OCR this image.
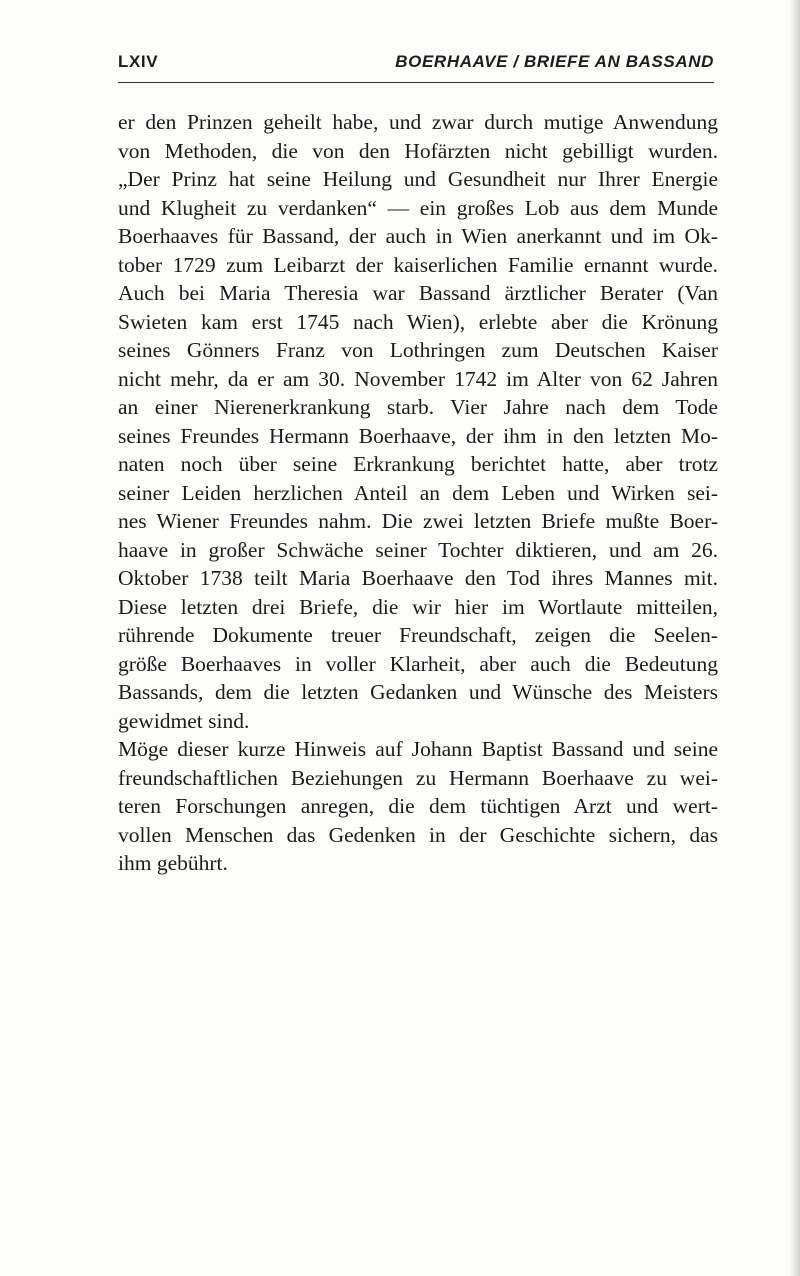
LXIV	BOERHAAVE / BRIEFE AN BASSAND
er den Prinzen geheilt habe, und zwar durch mutige Anwendung
von Methoden, die von den Hofärzten nicht gebilligt wurden.
„Der Prinz hat seine Heilung und Gesundheit nur Ihrer Energie
und Klugheit zu verdanken“ — ein großes Lob aus dem Munde
Boerhaaves für Bassand, der auch in Wien anerkannt und im Ok-
tober 1729 zum Leibarzt der kaiserlichen Familie ernannt wurde.
Auch bei Maria Theresia war Bassand ärztlicher Berater (Van
Swieten kam erst 1745 nach Wien), erlebte aber die Krönung
seines Gönners Franz von Lothringen zum Deutschen Kaiser
nicht mehr, da er am 30. November 1742 im Alter von 62 Jahren
an einer Nierenerkrankung starb. Vier Jahre nach dem Tode
seines Freundes Hermann Boerhaave, der ihm in den letzten Mo-
naten noch über seine Erkrankung berichtet hatte, aber trotz
seiner Leiden herzlichen Anteil an dem Leben und Wirken sei-
nes Wiener Freundes nahm. Die zwei letzten Briefe mußte Boer-
haave in großer Schwäche seiner Tochter diktieren, und am 26.
Oktober 1738 teilt Maria Boerhaave den Tod ihres Mannes mit.
Diese letzten drei Briefe, die wir hier im Wortlaute mitteilen,
rührende Dokumente treuer Freundschaft, zeigen die Seelen-
größe Boerhaaves in voller Klarheit, aber auch die Bedeutung
Bassands, dem die letzten Gedanken und Wünsche des Meisters
gewidmet sind.
Möge dieser kurze Hinweis auf Johann Baptist Bassand und seine
freundschaftlichen Beziehungen zu Hermann Boerhaave zu wei-
teren Forschungen anregen, die dem tüchtigen Arzt und wert-
vollen Menschen das Gedenken in der Geschichte sichern, das
ihm gebührt.
